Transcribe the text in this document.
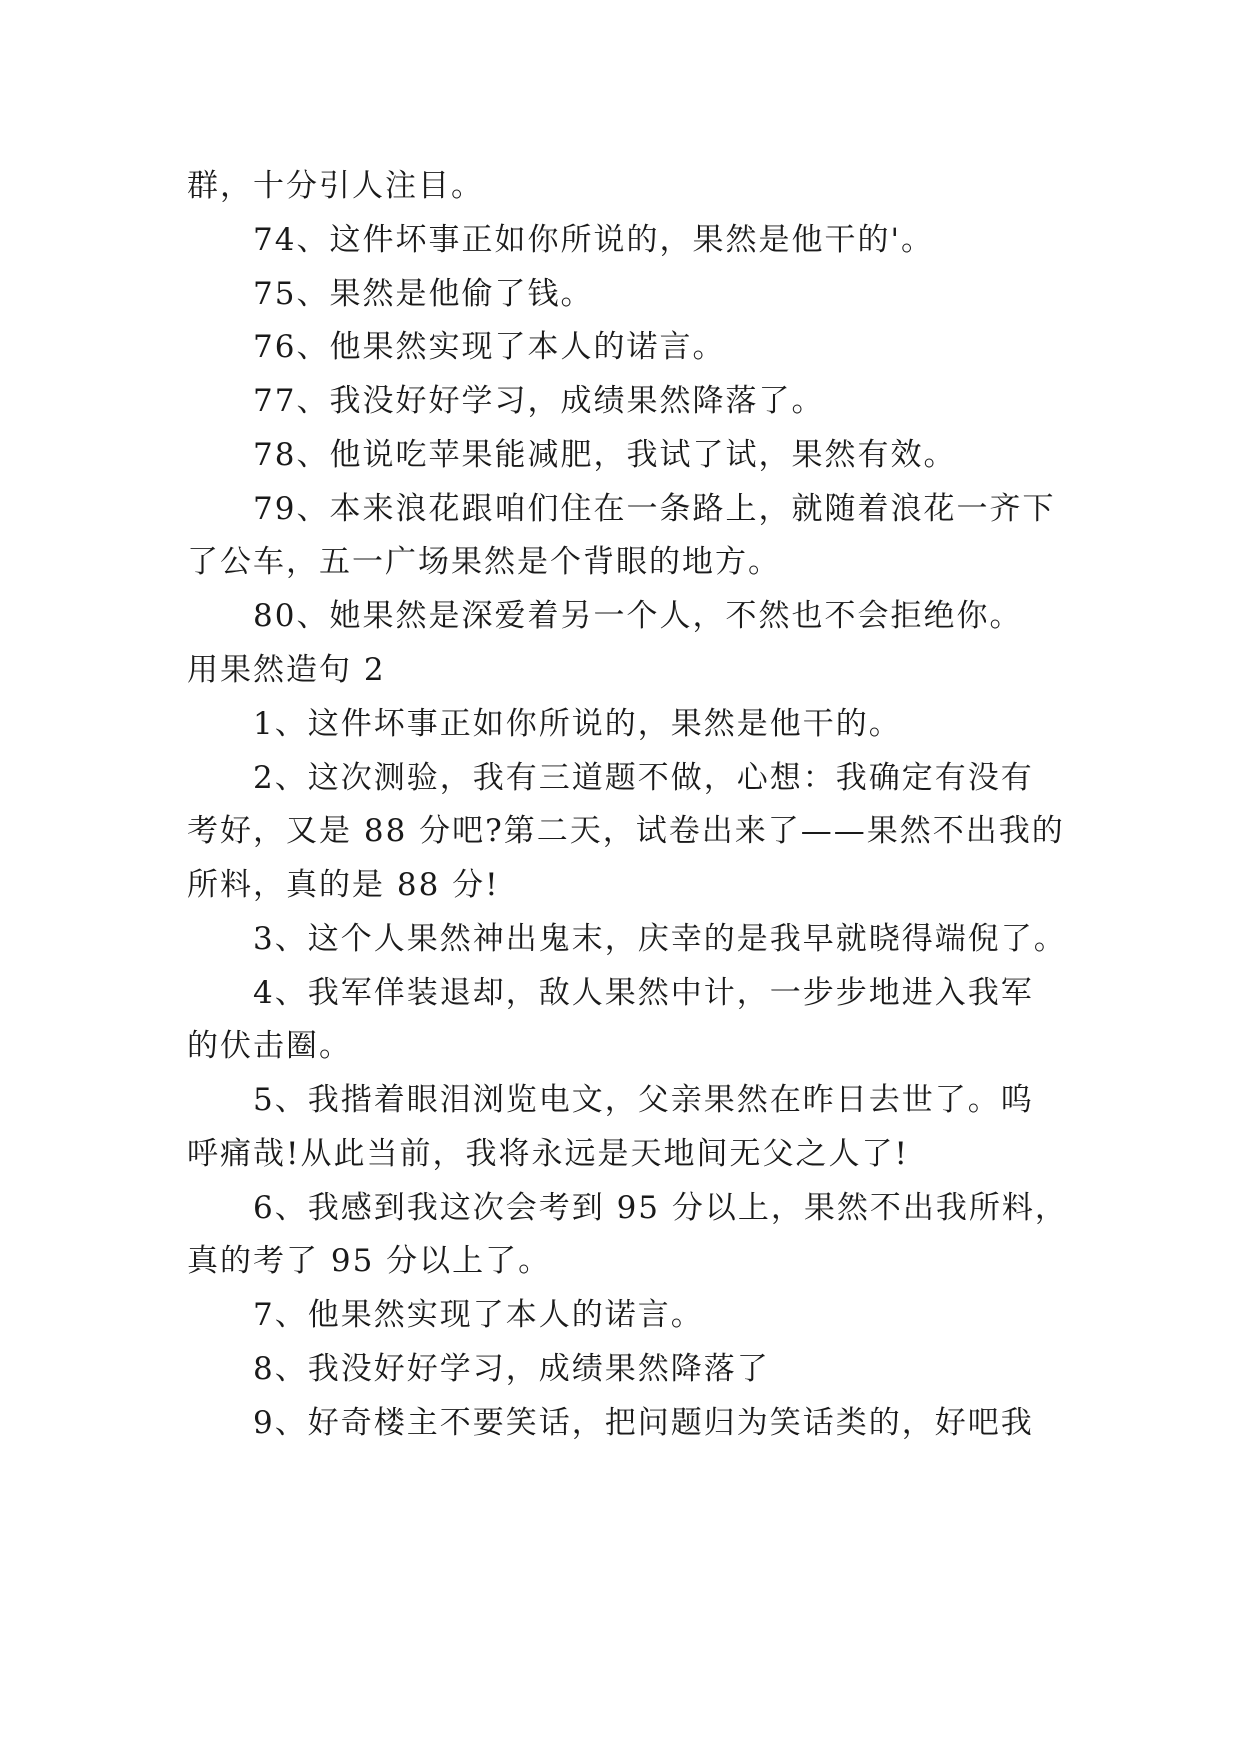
群，十分引人注目。
74、这件坏事正如你所说的，果然是他干的'。
75、果然是他偷了钱。
76、他果然实现了本人的诺言。
77、我没好好学习，成绩果然降落了。
78、他说吃苹果能减肥，我试了试，果然有效。
79、本来浪花跟咱们住在一条路上，就随着浪花一齐下
了公车，五一广场果然是个背眼的地方。
80、她果然是深爱着另一个人，不然也不会拒绝你。
用果然造句 2
1、这件坏事正如你所说的，果然是他干的。
2、这次测验，我有三道题不做，心想：我确定有没有
考好，又是 88 分吧?第二天，试卷出来了——果然不出我的
所料，真的是 88 分!
3、这个人果然神出鬼末，庆幸的是我早就晓得端倪了。
4、我军佯装退却，敌人果然中计，一步步地进入我军
的伏击圈。
5、我揩着眼泪浏览电文，父亲果然在昨日去世了。呜
呼痛哉!从此当前，我将永远是天地间无父之人了!
6、我感到我这次会考到 95 分以上，果然不出我所料，
真的考了 95 分以上了。
7、他果然实现了本人的诺言。
8、我没好好学习，成绩果然降落了
9、好奇楼主不要笑话，把问题归为笑话类的，好吧我
